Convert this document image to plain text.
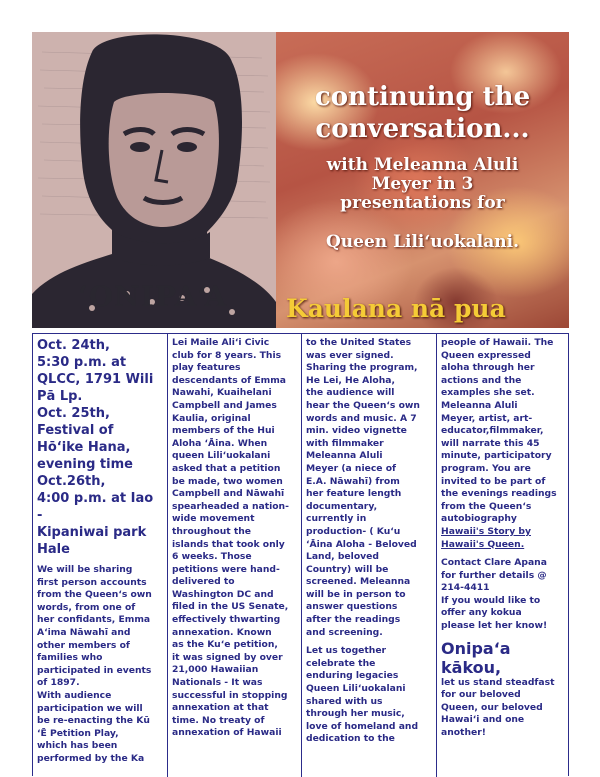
‘ONIPA‘A
continuing the
conversation...
with Meleanna Aluli
Meyer in 3
presentations for
Queen Lili‘uokalani.
Kaulana nā pua

Oct. 24th,

5:30 p.m. at

QLCC, 1791 Wili

Pā Lp.

Oct. 25th,

Festival of

Hō‘ike Hana,

evening time

Oct.26th,

4:00 p.m. at Iao -

Kipaniwai park

Hale

We will be sharing

first person accounts

from the Queen‘s own

words, from one of

her confidants, Emma

A‘ima Nāwahī and

other members of

families who

participated in events

of 1897.

With audience

participation we will

be re-enacting the Kū

‘Ē Petition Play,

which has been

performed by the Ka

Lei Maile Ali‘i Civic

club for 8 years. This

play features

descendants of Emma

Nawahi, Kuaihelani

Campbell and James

Kaulia, original

members of the Hui

Aloha ‘Āina. When

queen Lili‘uokalani

asked that a petition

be made, two women

Campbell and Nāwahī

spearheaded a nation-

wide movement

throughout the

islands that took only

6 weeks. Those

petitions were hand-

delivered to

Washington DC and

filed in the US Senate,

effectively thwarting

annexation. Known

as the Ku‘e petition,

it was signed by over

21,000 Hawaiian

Nationals - It was

successful in stopping

annexation at that

time. No treaty of

annexation of Hawaii

to the United States

was ever signed.

Sharing the program,

He Lei, He Aloha,

the audience will

hear the Queen‘s own

words and music. A 7

min. video vignette

with filmmaker

Meleanna Aluli

Meyer (a niece of

E.A. Nāwahī) from

her feature length

documentary,

currently in

production- ( Ku‘u

‘Āina Aloha - Beloved

Land, beloved

Country) will be

screened. Meleanna

will be in person to

answer questions

after the readings

and screening.

Let us together

celebrate the

enduring legacies

Queen Lili‘uokalani

shared with us

through her music,

love of homeland and

dedication to the

people of Hawaii. The

Queen expressed

aloha through her

actions and the

examples she set.

Meleanna Aluli

Meyer, artist, art-

educator,filmmaker,

will narrate this 45

minute, participatory

program. You are

invited to be part of

the evenings readings

from the Queen‘s

autobiography

Hawaii's Story by

Hawaii's Queen.

Contact Clare Apana

for further details @

214-4411

If you would like to

offer any kokua

please let her know!

Onipa‘a kākou,

let us stand steadfast

for our beloved

Queen, our beloved

Hawai‘i and one

another!
